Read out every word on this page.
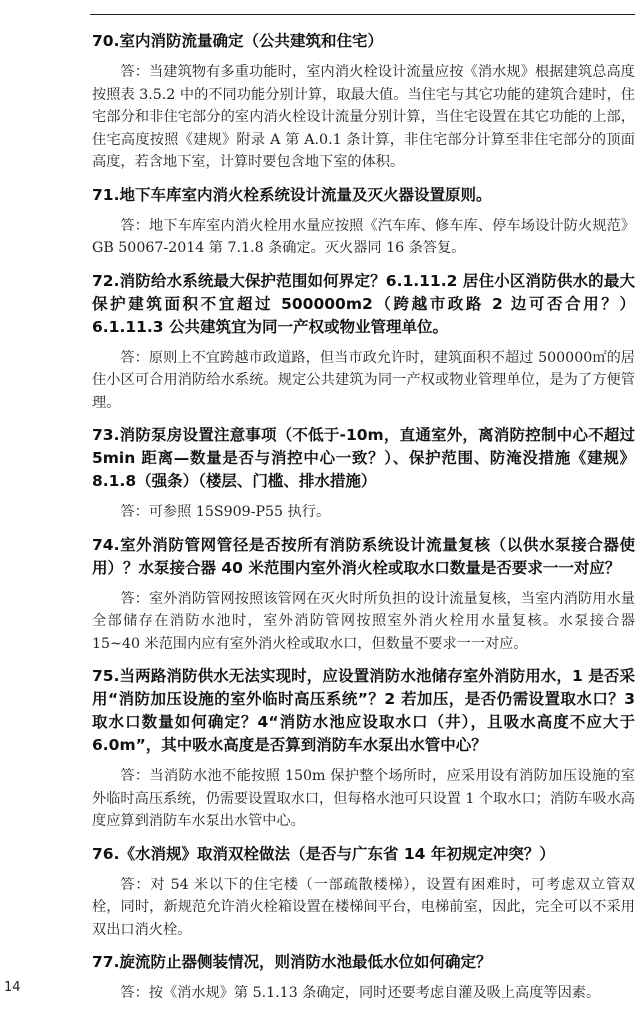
70.室内消防流量确定（公共建筑和住宅）

答：当建筑物有多重功能时，室内消火栓设计流量应按《消水规》根据建筑总高度按照表 3.5.2 中的不同功能分别计算，取最大值。当住宅与其它功能的建筑合建时，住宅部分和非住宅部分的室内消火栓设计流量分别计算，当住宅设置在其它功能的上部，住宅高度按照《建规》附录 A 第 A.0.1 条计算，非住宅部分计算至非住宅部分的顶面高度，若含地下室，计算时要包含地下室的体积。

71.地下车库室内消火栓系统设计流量及灭火器设置原则。

答：地下车库室内消火栓用水量应按照《汽车库、修车库、停车场设计防火规范》GB 50067-2014 第 7.1.8 条确定。灭火器同 16 条答复。

72.消防给水系统最大保护范围如何界定？6.1.11.2 居住小区消防供水的最大保护建筑面积不宜超过 500000m2（跨越市政路 2 边可否合用？）6.1.11.3 公共建筑宜为同一产权或物业管理单位。

答：原则上不宜跨越市政道路，但当市政允许时，建筑面积不超过 500000㎡的居住小区可合用消防给水系统。规定公共建筑为同一产权或物业管理单位，是为了方便管理。

73.消防泵房设置注意事项（不低于-10m，直通室外，离消防控制中心不超过 5min 距离—数量是否与消控中心一致？）、保护范围、防淹没措施《建规》8.1.8（强条）（楼层、门槛、排水措施）

答：可参照 15S909-P55 执行。

74.室外消防管网管径是否按所有消防系统设计流量复核（以供水泵接合器使用）？水泵接合器 40 米范围内室外消火栓或取水口数量是否要求一一对应？

答：室外消防管网按照该管网在灭火时所负担的设计流量复核，当室内消防用水量全部储存在消防水池时，室外消防管网按照室外消火栓用水量复核。水泵接合器 15~40 米范围内应有室外消火栓或取水口，但数量不要求一一对应。

75.当两路消防供水无法实现时，应设置消防水池储存室外消防用水，1 是否采用“消防加压设施的室外临时高压系统”？2 若加压，是否仍需设置取水口？3 取水口数量如何确定？4“消防水池应设取水口（井），且吸水高度不应大于 6.0m”，其中吸水高度是否算到消防车水泵出水管中心？

答：当消防水池不能按照 150m 保护整个场所时，应采用设有消防加压设施的室外临时高压系统，仍需要设置取水口，但每格水池可只设置 1 个取水口；消防车吸水高度应算到消防车水泵出水管中心。

76.《水消规》取消双栓做法（是否与广东省 14 年初规定冲突？）

答：对 54 米以下的住宅楼（一部疏散楼梯），设置有困难时，可考虑双立管双栓，同时，新规范允许消火栓箱设置在楼梯间平台，电梯前室，因此，完全可以不采用双出口消火栓。

77.旋流防止器侧装情况，则消防水池最低水位如何确定？

答：按《消水规》第 5.1.13 条确定，同时还要考虑自灌及吸上高度等因素。

14
